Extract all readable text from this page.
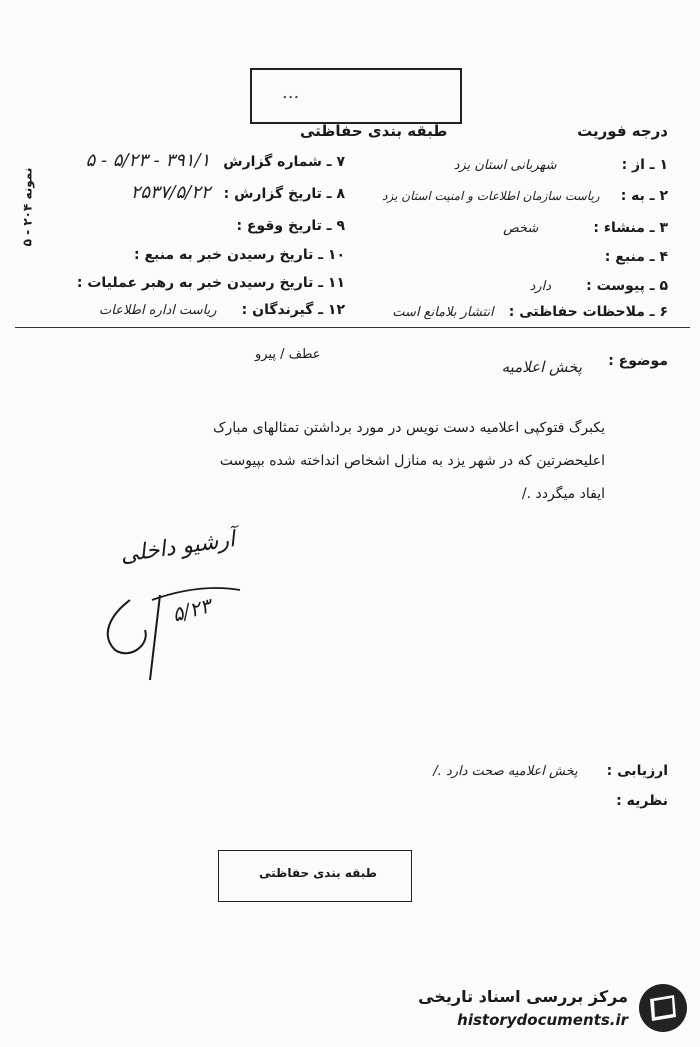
...
طبقه بندی حفاظتی	درجه فوریت
نمونه ۲۰۴ - ۵
۱ ـ از : شهربانی استان یزد
۲ ـ به : ریاست سازمان اطلاعات و امنیت استان یزد
۳ ـ منشاء : شخص
۴ ـ منبع :
۵ ـ پیوست : دارد
۶ ـ ملاحظات حفاظتی : انتشار بلامانع است
۷ ـ شماره گزارش ۳۹۱/۱ - ۵/۲۳ - ۵
۸ ـ تاریخ گزارش : ۲۵۳۷/۵/۲۲
۹ ـ تاریخ وقوع :
۱۰ ـ تاریخ رسیدن خبر به منبع :
۱۱ ـ تاریخ رسیدن خبر به رهبر عملیات :
۱۲ ـ گیرندگان : ریاست اداره اطلاعات
موضوع :
پخش اعلامیه
عطف / پیرو
یکبرگ فتوکپی اعلامیه دست نویس در مورد برداشتن تمثالهای مبارک
اعلیحضرتین که در شهر یزد به منازل اشخاص انداخته شده بپیوست
ایفاد میگردد ./
آرشیو داخلی
۵/۲۳
ارزیابی : پخش اعلامیه صحت دارد ./
نظریه :
طبقه بندی حفاظتی
مرکز بررسی اسناد تاریخی
historydocuments.ir
